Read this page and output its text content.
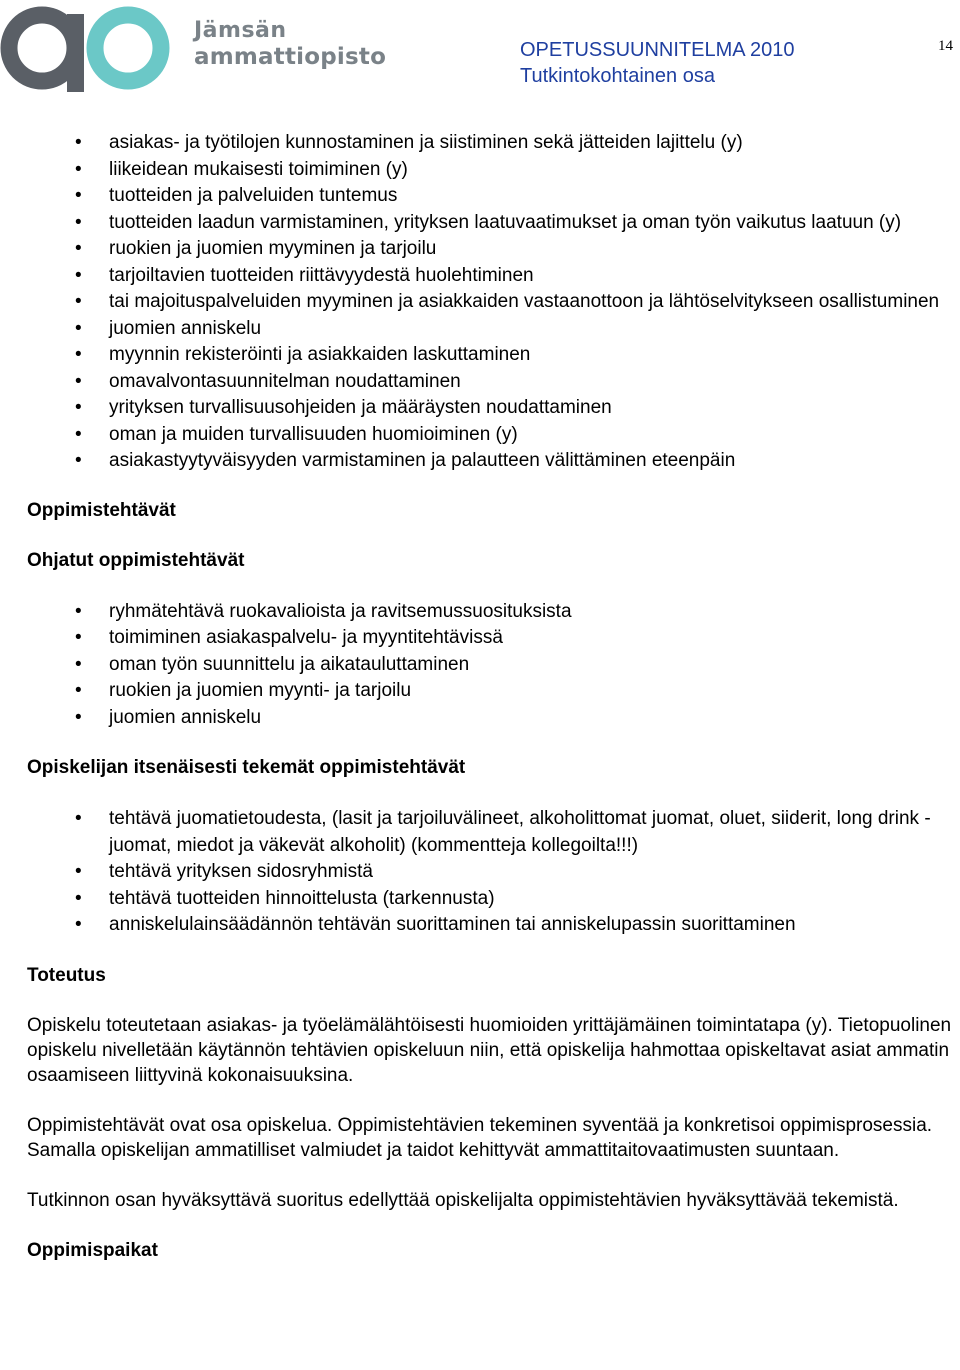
Jämsän
ammattiopisto	OPETUSSUUNNITELMA 2010
Tutkintokohtainen osa
14
• asiakas- ja työtilojen kunnostaminen ja siistiminen sekä jätteiden lajittelu (y)
• liikeidean mukaisesti toimiminen (y)
• tuotteiden ja palveluiden tuntemus
• tuotteiden laadun varmistaminen, yrityksen laatuvaatimukset ja oman työn vaikutus laatuun (y)
• ruokien ja juomien myyminen ja tarjoilu
• tarjoiltavien tuotteiden riittävyydestä huolehtiminen
• tai majoituspalveluiden myyminen ja asiakkaiden vastaanottoon ja lähtöselvitykseen osallistuminen
• juomien anniskelu
• myynnin rekisteröinti ja asiakkaiden laskuttaminen
• omavalvontasuunnitelman noudattaminen
• yrityksen turvallisuusohjeiden ja määräysten noudattaminen
• oman ja muiden turvallisuuden huomioiminen (y)
• asiakastyytyväisyyden varmistaminen ja palautteen välittäminen eteenpäin
Oppimistehtävät
Ohjatut oppimistehtävät
• ryhmätehtävä ruokavalioista ja ravitsemussuosituksista
• toimiminen asiakaspalvelu- ja myyntitehtävissä
• oman työn suunnittelu ja aikatauluttaminen
• ruokien ja juomien myynti- ja tarjoilu
• juomien anniskelu
Opiskelijan itsenäisesti tekemät oppimistehtävät
• tehtävä juomatietoudesta, (lasit ja tarjoiluvälineet, alkoholittomat juomat, oluet, siiderit, long drink - juomat, miedot ja väkevät alkoholit) (kommentteja kollegoilta!!!)
• tehtävä yrityksen sidosryhmistä
• tehtävä tuotteiden hinnoittelusta (tarkennusta)
• anniskelulainsäädännön tehtävän suorittaminen tai anniskelupassin suorittaminen
Toteutus

Opiskelu toteutetaan asiakas- ja työelämälähtöisesti huomioiden yrittäjämäinen toimintatapa (y). Tietopuolinen opiskelu nivelletään käytännön tehtävien opiskeluun niin, että opiskelija hahmottaa opiskeltavat asiat ammatin osaamiseen liittyvinä kokonaisuuksina.

Oppimistehtävät ovat osa opiskelua. Oppimistehtävien tekeminen syventää ja konkretisoi oppimisprosessia. Samalla opiskelijan ammatilliset valmiudet ja taidot kehittyvät ammattitaitovaatimusten suuntaan.

Tutkinnon osan hyväksyttävä suoritus edellyttää opiskelijalta oppimistehtävien hyväksyttävää tekemistä.

Oppimispaikat
